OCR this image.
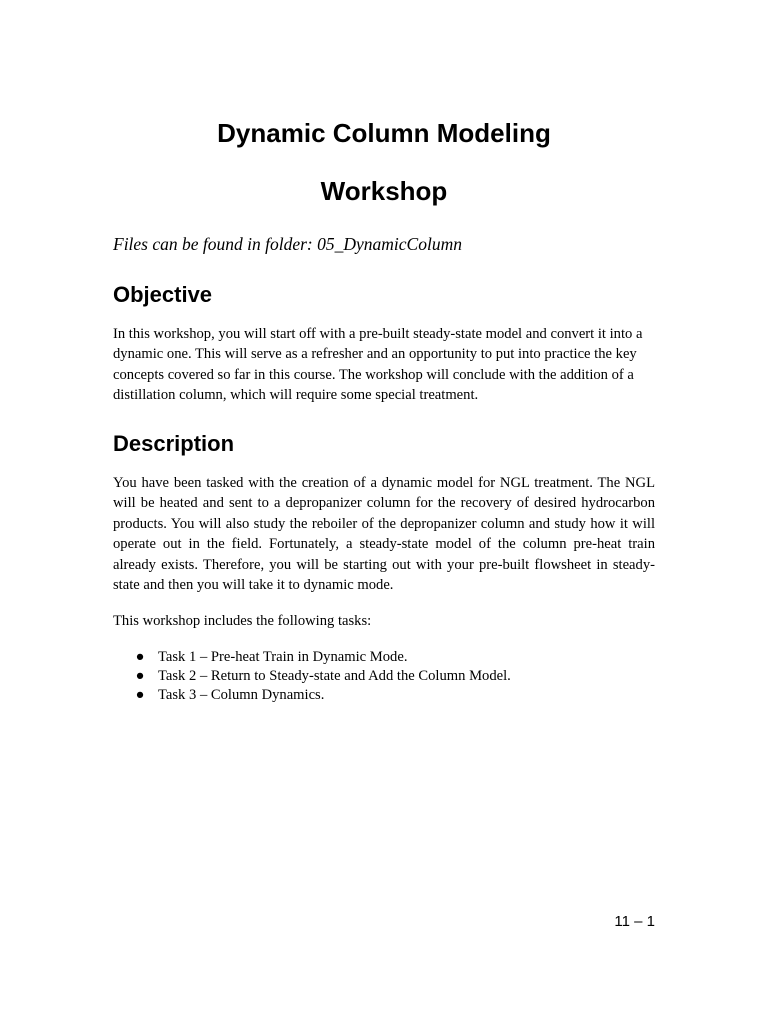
Dynamic Column Modeling
Workshop

Files can be found in folder: 05_DynamicColumn

Objective

In this workshop, you will start off with a pre-built steady-state model and convert it into a dynamic one. This will serve as a refresher and an opportunity to put into practice the key concepts covered so far in this course. The workshop will conclude with the addition of a distillation column, which will require some special treatment.

Description

You have been tasked with the creation of a dynamic model for NGL treatment. The NGL will be heated and sent to a depropanizer column for the recovery of desired hydrocarbon products. You will also study the reboiler of the depropanizer column and study how it will operate out in the field. Fortunately, a steady-state model of the column pre-heat train already exists. Therefore, you will be starting out with your pre-built flowsheet in steady-state and then you will take it to dynamic mode.

This workshop includes the following tasks:

● Task 1 – Pre-heat Train in Dynamic Mode.
● Task 2 – Return to Steady-state and Add the Column Model.
● Task 3 – Column Dynamics.

11 – 1
